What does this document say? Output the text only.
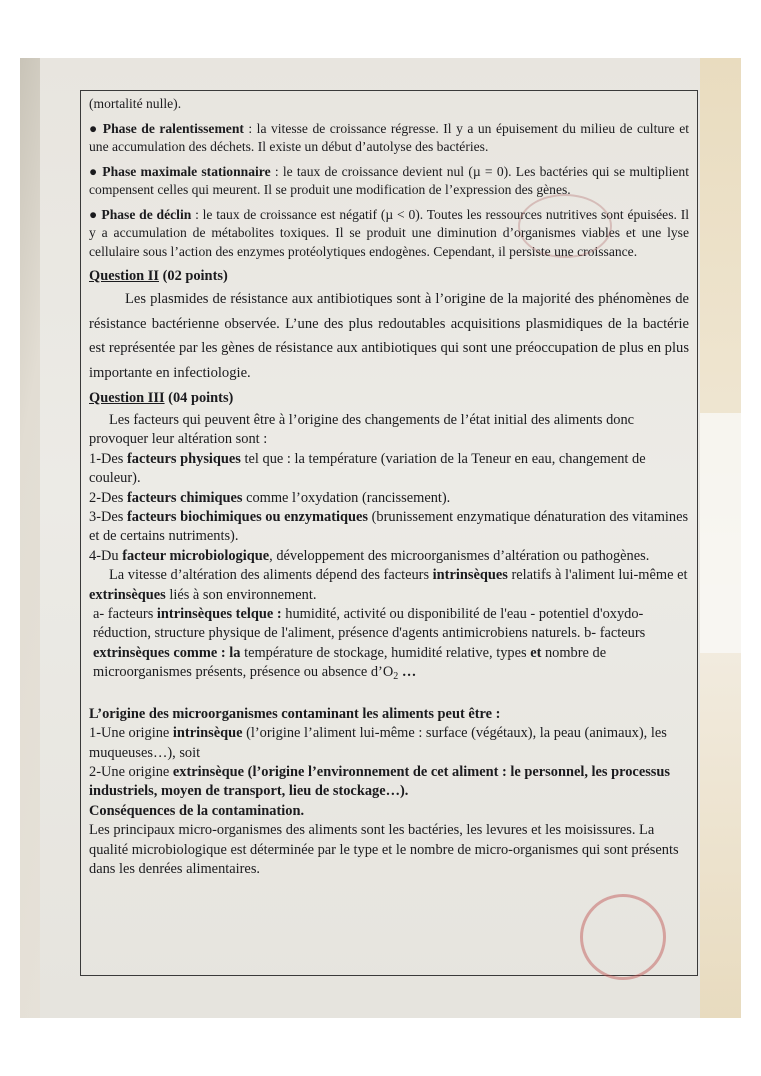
(mortalité nulle).

● Phase de ralentissement : la vitesse de croissance régresse. Il y a un épuisement du milieu de culture et une accumulation des déchets. Il existe un début d’autolyse des bactéries.

● Phase maximale stationnaire : le taux de croissance devient nul (µ = 0). Les bactéries qui se multiplient compensent celles qui meurent. Il se produit une modification de l’expression des gènes.

● Phase de déclin : le taux de croissance est négatif (µ < 0). Toutes les ressources nutritives sont épuisées. Il y a accumulation de métabolites toxiques. Il se produit une diminution d’organismes viables et une lyse cellulaire sous l’action des enzymes protéolytiques endogènes. Cependant, il persiste une croissance.

Question II (02 points)

Les plasmides de résistance aux antibiotiques sont à l’origine de la majorité des phénomènes de résistance bactérienne observée. L’une des plus redoutables acquisitions plasmidiques de la bactérie est représentée par les gènes de résistance aux antibiotiques qui sont une préoccupation de plus en plus importante en infectiologie.

Question III (04 points)

Les facteurs qui peuvent être à l’origine des changements de l’état initial des aliments donc provoquer leur altération sont :

1-Des facteurs physiques tel que : la température (variation de la Teneur en eau, changement de couleur).

2-Des facteurs chimiques comme l’oxydation (rancissement).

3-Des facteurs biochimiques ou enzymatiques (brunissement enzymatique dénaturation des vitamines et de certains nutriments).

4-Du facteur microbiologique, développement des microorganismes d’altération ou pathogènes.

La vitesse d’altération des aliments dépend des facteurs intrinsèques relatifs à l'aliment lui-même et extrinsèques liés à son environnement.

a- facteurs intrinsèques telque : humidité, activité ou disponibilité de l'eau - potentiel d'oxydo-réduction, structure physique de l'aliment, présence d'agents antimicrobiens naturels. b- facteurs extrinsèques comme : la température de stockage, humidité relative, types et nombre de microorganismes présents, présence ou absence $d’O_2$ …

L’origine des microorganismes contaminant les aliments peut être :

1-Une origine intrinsèque (l’origine l’aliment lui-même : surface (végétaux), la peau (animaux), les muqueuses…), soit

2-Une origine extrinsèque (l’origine l’environnement de cet aliment : le personnel, les processus industriels, moyen de transport, lieu de stockage…).

Conséquences de la contamination.

Les principaux micro-organismes des aliments sont les bactéries, les levures et les moisissures. La qualité microbiologique est déterminée par le type et le nombre de micro-organismes qui sont présents dans les denrées alimentaires.
